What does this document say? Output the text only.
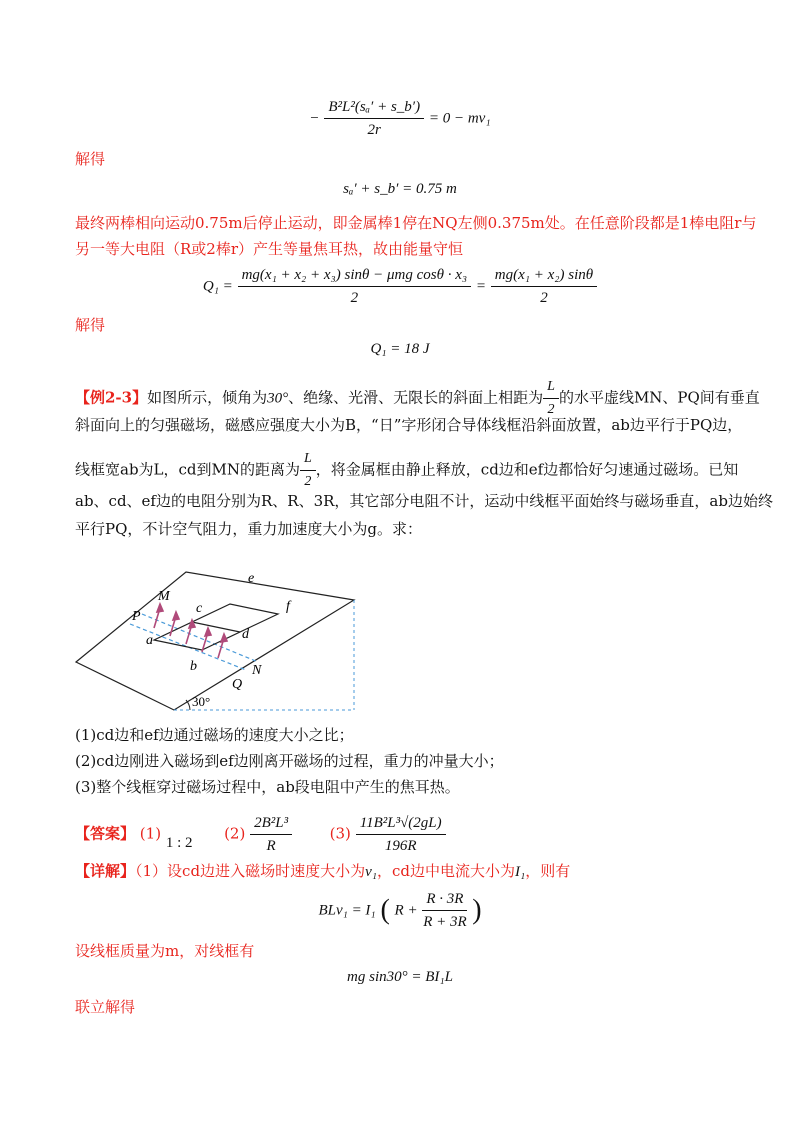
− $\frac{\text{B²L²(sₐ′ + s\_b′)}}{2r} = 0 - mv_1$
解得
sₐ′ + s_b′ = 0.75 m
最终两棒相向运动0.75m后停止运动，即金属棒1停在NQ左侧0.375m处。在任意阶段都是1棒电阻r与
另一等大电阻（R或2棒r）产生等量焦耳热，故由能量守恒
$Q_1 = \frac{\text{mg(x₁ + x₂ + x₃) sinθ − μmg cosθ · x₃}}{2} = \frac{\text{mg(x₁ + x₂) sinθ}}{2}$
解得
Q₁ = 18 J
【例2-3】如图所示，倾角为30°、绝缘、光滑、无限长的斜面上相距为 $\frac{L}{2}$ 的水平虚线MN、PQ间有垂直
斜面向上的匀强磁场，磁感应强度大小为B，“日”字形闭合导体线框沿斜面放置，ab边平行于PQ边，
线框宽ab为L，cd到MN的距离为 $\frac{L}{2}$ ，将金属框由静止释放，cd边和ef边都恰好匀速通过磁场。已知
ab、cd、ef边的电阻分别为R、R、3R，其它部分电阻不计，运动中线框平面始终与磁场垂直，ab边始终
平行PQ，不计空气阻力，重力加速度大小为g。求：
M
P
c
e
f
a	d
b	N
Q
30°
(1)cd边和ef边通过磁场的速度大小之比；
(2)cd边刚进入磁场到ef边刚离开磁场的过程，重力的冲量大小；
(3)整个线框穿过磁场过程中，ab段电阻中产生的焦耳热。
【答案】 (1) 1 : 2 $(2) \frac{\text{2B²L³}}{R}$	$(3) \frac{\text{11B²L³√(2gL)}}{196R}$
【详解】（1）设cd边进入磁场时速度大小为v₁，cd边中电流大小为I₁，则有
BLv₁ = I₁ ( $R + \frac{R \cdot 3R}{R + 3R}$ )
设线框质量为m，对线框有
mg sin30° = BI₁L
联立解得
